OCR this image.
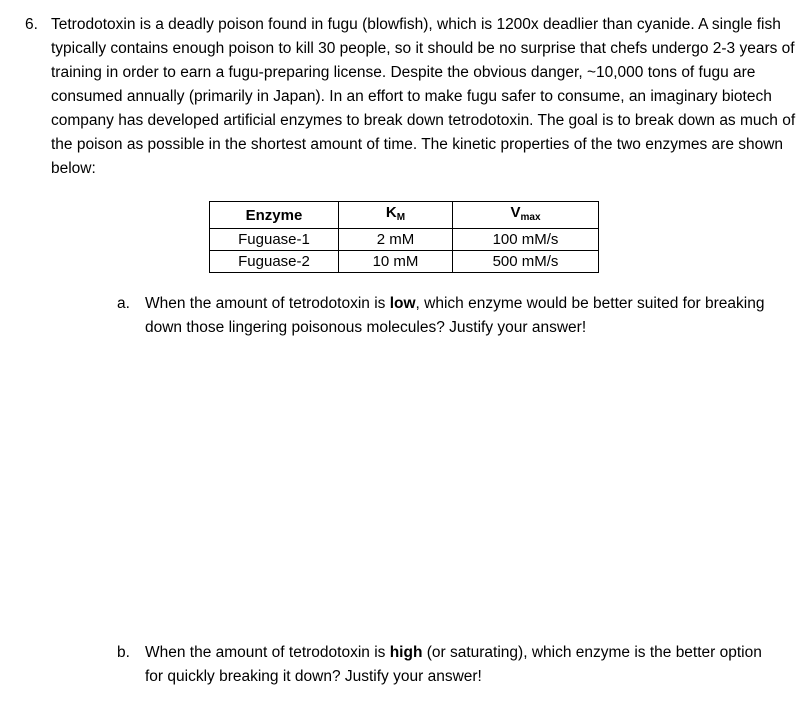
6. Tetrodotoxin is a deadly poison found in fugu (blowfish), which is 1200x deadlier than cyanide. A single fish typically contains enough poison to kill 30 people, so it should be no surprise that chefs undergo 2-3 years of training in order to earn a fugu-preparing license. Despite the obvious danger, ~10,000 tons of fugu are consumed annually (primarily in Japan). In an effort to make fugu safer to consume, an imaginary biotech company has developed artificial enzymes to break down tetrodotoxin. The goal is to break down as much of the poison as possible in the shortest amount of time. The kinetic properties of the two enzymes are shown below:

Enzyme	$K_M$	$V_{max}$
Fuguase-1	2 mM	100 mM/s
Fuguase-2	10 mM	500 mM/s
a. When the amount of tetrodotoxin is low, which enzyme would be better suited for breaking down those lingering poisonous molecules? Justify your answer!

b. When the amount of tetrodotoxin is high (or saturating), which enzyme is the better option for quickly breaking it down? Justify your answer!
